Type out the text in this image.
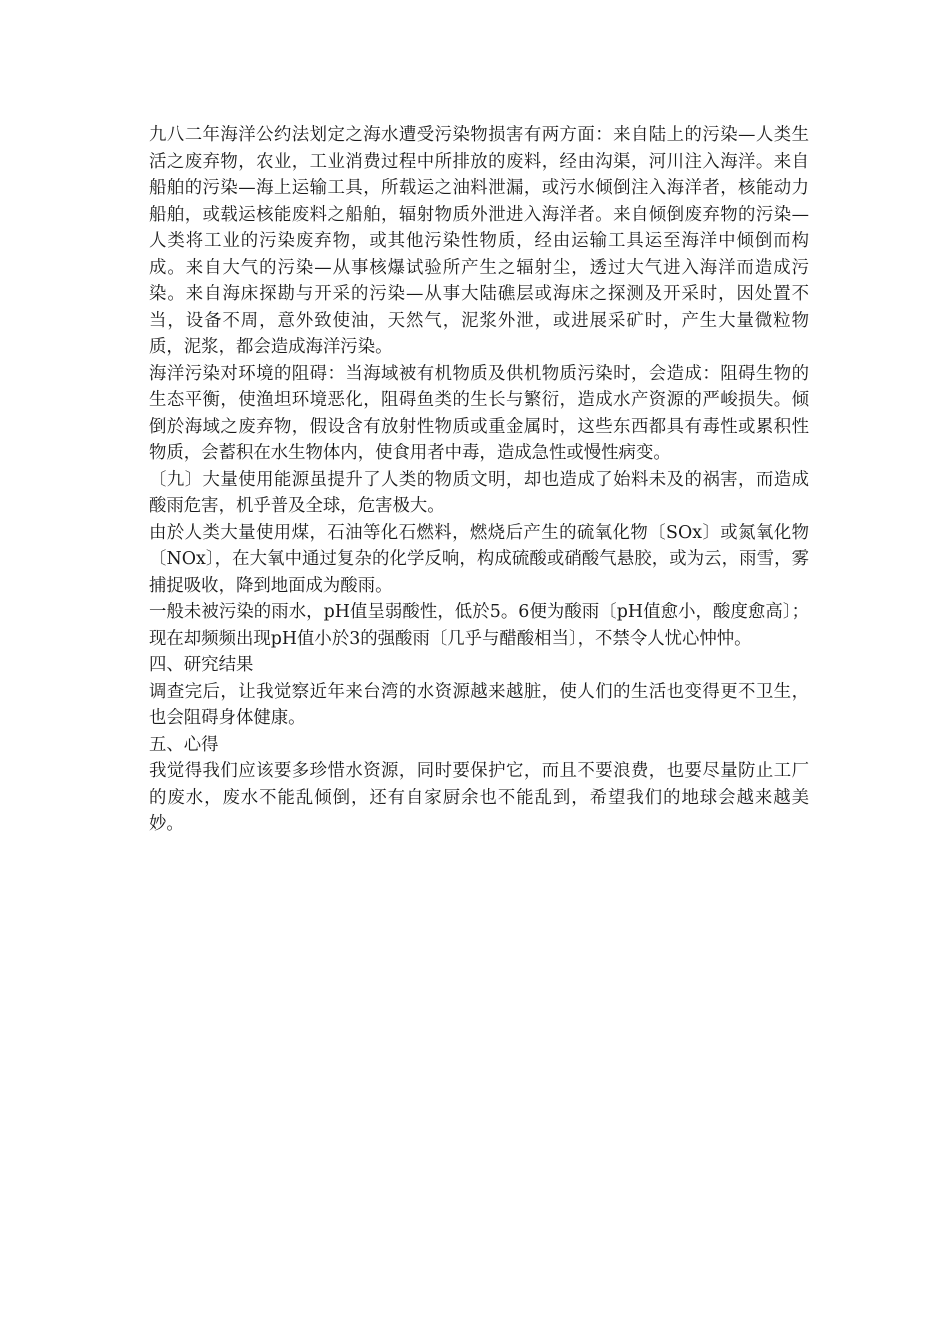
九八二年海洋公约法划定之海水遭受污染物损害有两方面：来自陆上的污染—人类生活之废弃物，农业，工业消费过程中所排放的废料，经由沟渠，河川注入海洋。来自船舶的污染—海上运输工具，所载运之油料泄漏，或污水倾倒注入海洋者，核能动力船舶，或载运核能废料之船舶，辐射物质外泄进入海洋者。来自倾倒废弃物的污染—人类将工业的污染废弃物，或其他污染性物质，经由运输工具运至海洋中倾倒而构成。来自大气的污染—从事核爆试验所产生之辐射尘，透过大气进入海洋而造成污染。来自海床探勘与开采的污染—从事大陆礁层或海床之探测及开采时，因处置不当，设备不周，意外致使油，天然气，泥浆外泄，或进展采矿时，产生大量微粒物质，泥浆，都会造成海洋污染。

海洋污染对环境的阻碍：当海域被有机物质及供机物质污染时，会造成：阻碍生物的生态平衡，使渔坦环境恶化，阻碍鱼类的生长与繁衍，造成水产资源的严峻损失。倾倒於海域之废弃物，假设含有放射性物质或重金属时，这些东西都具有毒性或累积性物质，会蓄积在水生物体内，使食用者中毒，造成急性或慢性病变。

〔九〕大量使用能源虽提升了人类的物质文明，却也造成了始料未及的祸害，而造成酸雨危害，机乎普及全球，危害极大。

由於人类大量使用煤，石油等化石燃料，燃烧后产生的硫氧化物〔SOx〕或氮氧化物〔NOx〕，在大氧中通过复杂的化学反响，构成硫酸或硝酸气悬胶，或为云，雨雪，雾捕捉吸收，降到地面成为酸雨。

一般未被污染的雨水，pH值呈弱酸性，低於5。6便为酸雨〔pH值愈小，酸度愈高〕；现在却频频出现pH值小於3的强酸雨〔几乎与醋酸相当〕，不禁令人忧心忡忡。

四、研究结果

调查完后，让我觉察近年来台湾的水资源越来越脏，使人们的生活也变得更不卫生，也会阻碍身体健康。

五、心得

我觉得我们应该要多珍惜水资源，同时要保护它，而且不要浪费，也要尽量防止工厂的废水，废水不能乱倾倒，还有自家厨余也不能乱到，希望我们的地球会越来越美妙。
